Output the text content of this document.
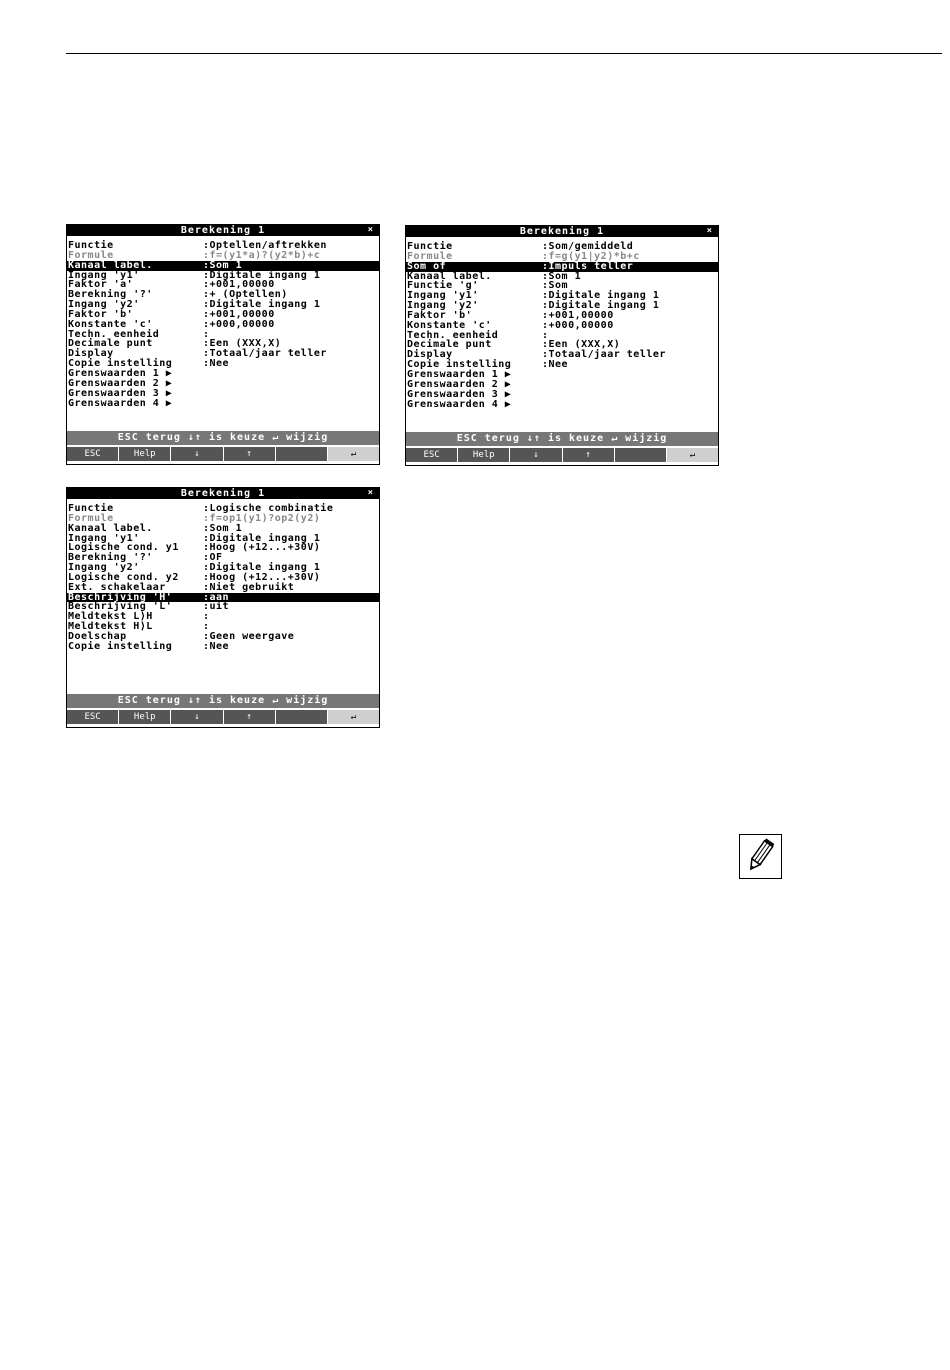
Berekening 1	×
Functie	:Optellen/aftrekken
Formule	:f=(y1*a)?(y2*b)+c
Kanaal label.	:Som 1
Ingang 'y1'	:Digitale ingang 1
Faktor 'a'	:+001,00000
Berekning '?'	:+ (Optellen)
Ingang 'y2'	:Digitale ingang 1
Faktor 'b'	:+001,00000
Konstante 'c'	:+000,00000
Techn. eenheid	:
Decimale punt	:Een (XXX,X)
Display	:Totaal/jaar teller
Copie instelling	:Nee
Grenswaarden 1 ▶
Grenswaarden 2 ▶
Grenswaarden 3 ▶
Grenswaarden 4 ▶
ESC terug ↓↑ is keuze ↵ wijzig
ESC	Help	↓	↑	↵
Berekening 1	×
Functie	:Som/gemiddeld
Formule	:f=g(y1|y2)*b+c
Som of	:Impuls teller
Kanaal label.	:Som 1
Functie 'g'	:Som
Ingang 'y1'	:Digitale ingang 1
Ingang 'y2'	:Digitale ingang 1
Faktor 'b'	:+001,00000
Konstante 'c'	:+000,00000
Techn. eenheid	:
Decimale punt	:Een (XXX,X)
Display	:Totaal/jaar teller
Copie instelling	:Nee
Grenswaarden 1 ▶
Grenswaarden 2 ▶
Grenswaarden 3 ▶
Grenswaarden 4 ▶
ESC terug ↓↑ is keuze ↵ wijzig
ESC	Help	↓	↑	↵
Berekening 1	×
Functie	:Logische combinatie
Formule	:f=op1(y1)?op2(y2)
Kanaal label.	:Som 1
Ingang 'y1'	:Digitale ingang 1
Logische cond. y1 :Hoog (+12...+30V)
Berekning '?'	:OF
Ingang 'y2'	:Digitale ingang 1
Logische cond. y2 :Hoog (+12...+30V)
Ext. schakelaar	:Niet gebruikt
Beschrijving 'H'	:aan
Beschrijving 'L'	:uit
Meldtekst L⟩H	:
Meldtekst H⟩L	:
Doelschap	:Geen weergave
Copie instelling	:Nee
ESC terug ↓↑ is keuze ↵ wijzig
ESC	Help	↓	↑	↵
